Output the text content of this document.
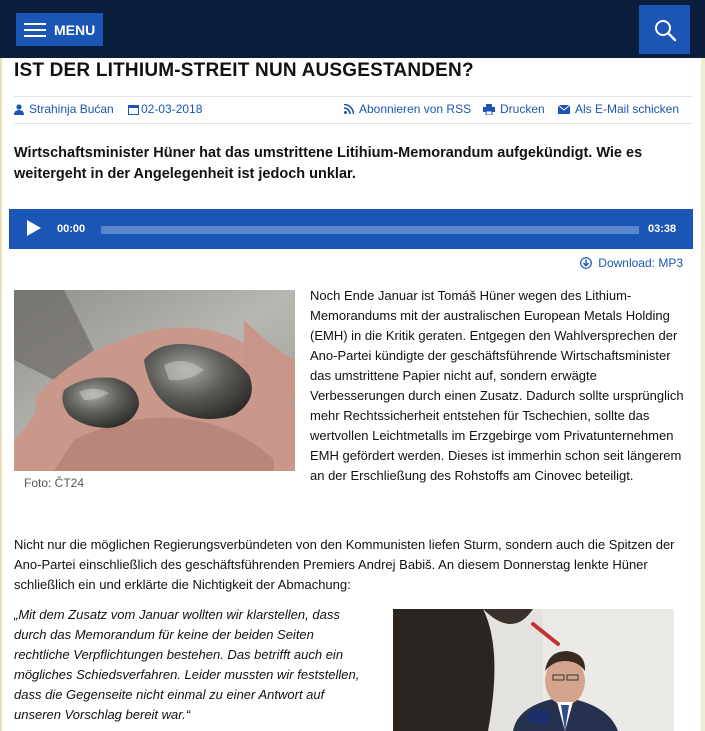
MENU
IST DER LITHIUM-STREIT NUN AUSGESTANDEN?
Strahinja Bućan 02-03-2018	Abonnieren von RSS Drucken	Als E-Mail schicken

Wirtschaftsminister Hüner hat das umstrittene Litihium-Memorandum aufgekündigt. Wie es weitergeht in der Angelegenheit ist jedoch unklar.

00:00	03:38
Download: MP3
Foto: ČT24

Noch Ende Januar ist Tomáš Hüner wegen des Lithium-Memorandums mit der australischen European Metals Holding (EMH) in die Kritik geraten. Entgegen den Wahlversprechen der Ano-Partei kündigte der geschäftsführende Wirtschaftsminister das umstrittene Papier nicht auf, sondern erwägte Verbesserungen durch einen Zusatz. Dadurch sollte ursprünglich mehr Rechtssicherheit entstehen für Tschechien, sollte das wertvollen Leichtmetalls im Erzgebirge vom Privatunternehmen EMH gefördert werden. Dieses ist immerhin schon seit längerem an der Erschließung des Rohstoffs am Cinovec beteiligt.

Nicht nur die möglichen Regierungsverbündeten von den Kommunisten liefen Sturm, sondern auch die Spitzen der Ano-Partei einschließlich des geschäftsführenden Premiers Andrej Babiš. An diesem Donnerstag lenkte Hüner schließlich ein und erklärte die Nichtigkeit der Abmachung:

„Mit dem Zusatz vom Januar wollten wir klarstellen, dass durch das Memorandum für keine der beiden Seiten rechtliche Verpflichtungen bestehen. Das betrifft auch ein mögliches Schiedsverfahren. Leider mussten wir feststellen, dass die Gegenseite nicht einmal zu einer Antwort auf unseren Vorschlag bereit war.“
